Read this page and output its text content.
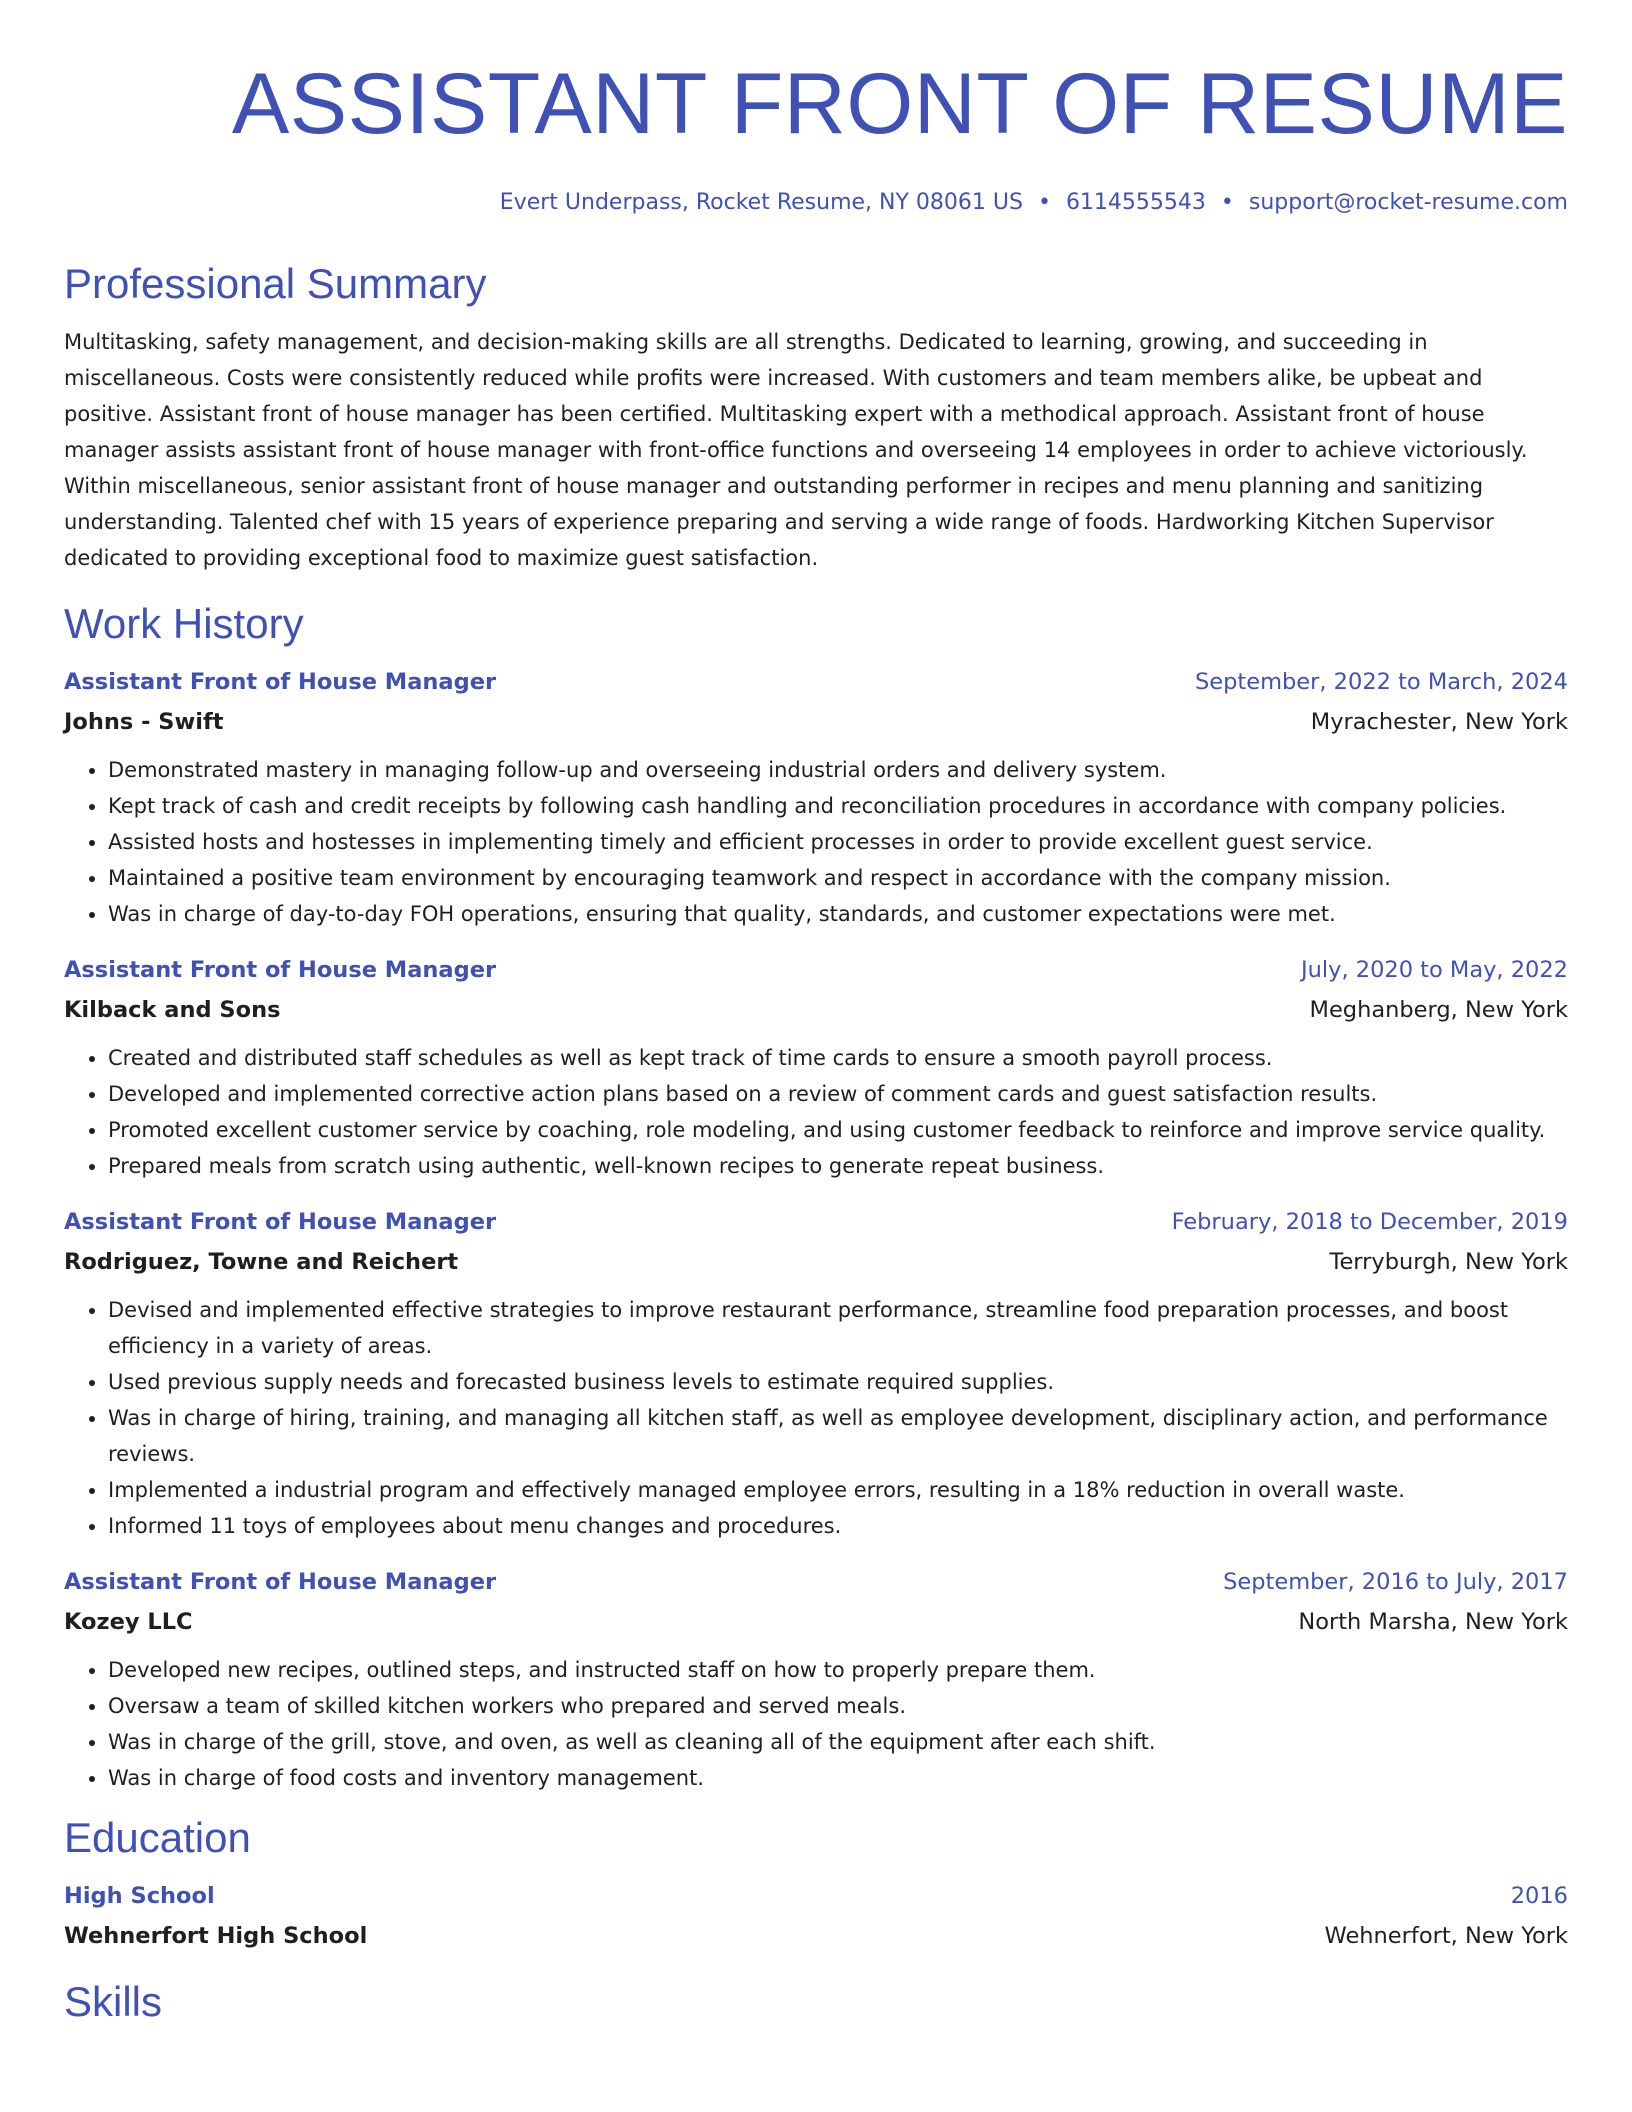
ASSISTANT FRONT OF RESUME
Evert Underpass, Rocket Resume, NY 08061 US • 6114555543 • support@rocket-resume.com
Professional Summary

Multitasking, safety management, and decision-making skills are all strengths. Dedicated to learning, growing, and succeeding in miscellaneous. Costs were consistently reduced while profits were increased. With customers and team members alike, be upbeat and positive. Assistant front of house manager has been certified. Multitasking expert with a methodical approach. Assistant front of house manager assists assistant front of house manager with front-office functions and overseeing 14 employees in order to achieve victoriously. Within miscellaneous, senior assistant front of house manager and outstanding performer in recipes and menu planning and sanitizing understanding. Talented chef with 15 years of experience preparing and serving a wide range of foods. Hardworking Kitchen Supervisor dedicated to providing exceptional food to maximize guest satisfaction.

Work History
Assistant Front of House Manager	September, 2022 to March, 2024
Johns - Swift	Myrachester, New York
• Demonstrated mastery in managing follow-up and overseeing industrial orders and delivery system.
• Kept track of cash and credit receipts by following cash handling and reconciliation procedures in accordance with company policies.
• Assisted hosts and hostesses in implementing timely and efficient processes in order to provide excellent guest service.
• Maintained a positive team environment by encouraging teamwork and respect in accordance with the company mission.
• Was in charge of day-to-day FOH operations, ensuring that quality, standards, and customer expectations were met.
Assistant Front of House Manager	July, 2020 to May, 2022
Kilback and Sons	Meghanberg, New York
• Created and distributed staff schedules as well as kept track of time cards to ensure a smooth payroll process.
• Developed and implemented corrective action plans based on a review of comment cards and guest satisfaction results.
• Promoted excellent customer service by coaching, role modeling, and using customer feedback to reinforce and improve service quality.
• Prepared meals from scratch using authentic, well-known recipes to generate repeat business.
Assistant Front of House Manager	February, 2018 to December, 2019
Rodriguez, Towne and Reichert	Terryburgh, New York
• Devised and implemented effective strategies to improve restaurant performance, streamline food preparation processes, and boost efficiency in a variety of areas.
• Used previous supply needs and forecasted business levels to estimate required supplies.
• Was in charge of hiring, training, and managing all kitchen staff, as well as employee development, disciplinary action, and performance reviews.
• Implemented a industrial program and effectively managed employee errors, resulting in a 18% reduction in overall waste.
• Informed 11 toys of employees about menu changes and procedures.
Assistant Front of House Manager	September, 2016 to July, 2017
Kozey LLC	North Marsha, New York
• Developed new recipes, outlined steps, and instructed staff on how to properly prepare them.
• Oversaw a team of skilled kitchen workers who prepared and served meals.
• Was in charge of the grill, stove, and oven, as well as cleaning all of the equipment after each shift.
• Was in charge of food costs and inventory management.
Education
High School	2016
Wehnerfort High School	Wehnerfort, New York
Skills
